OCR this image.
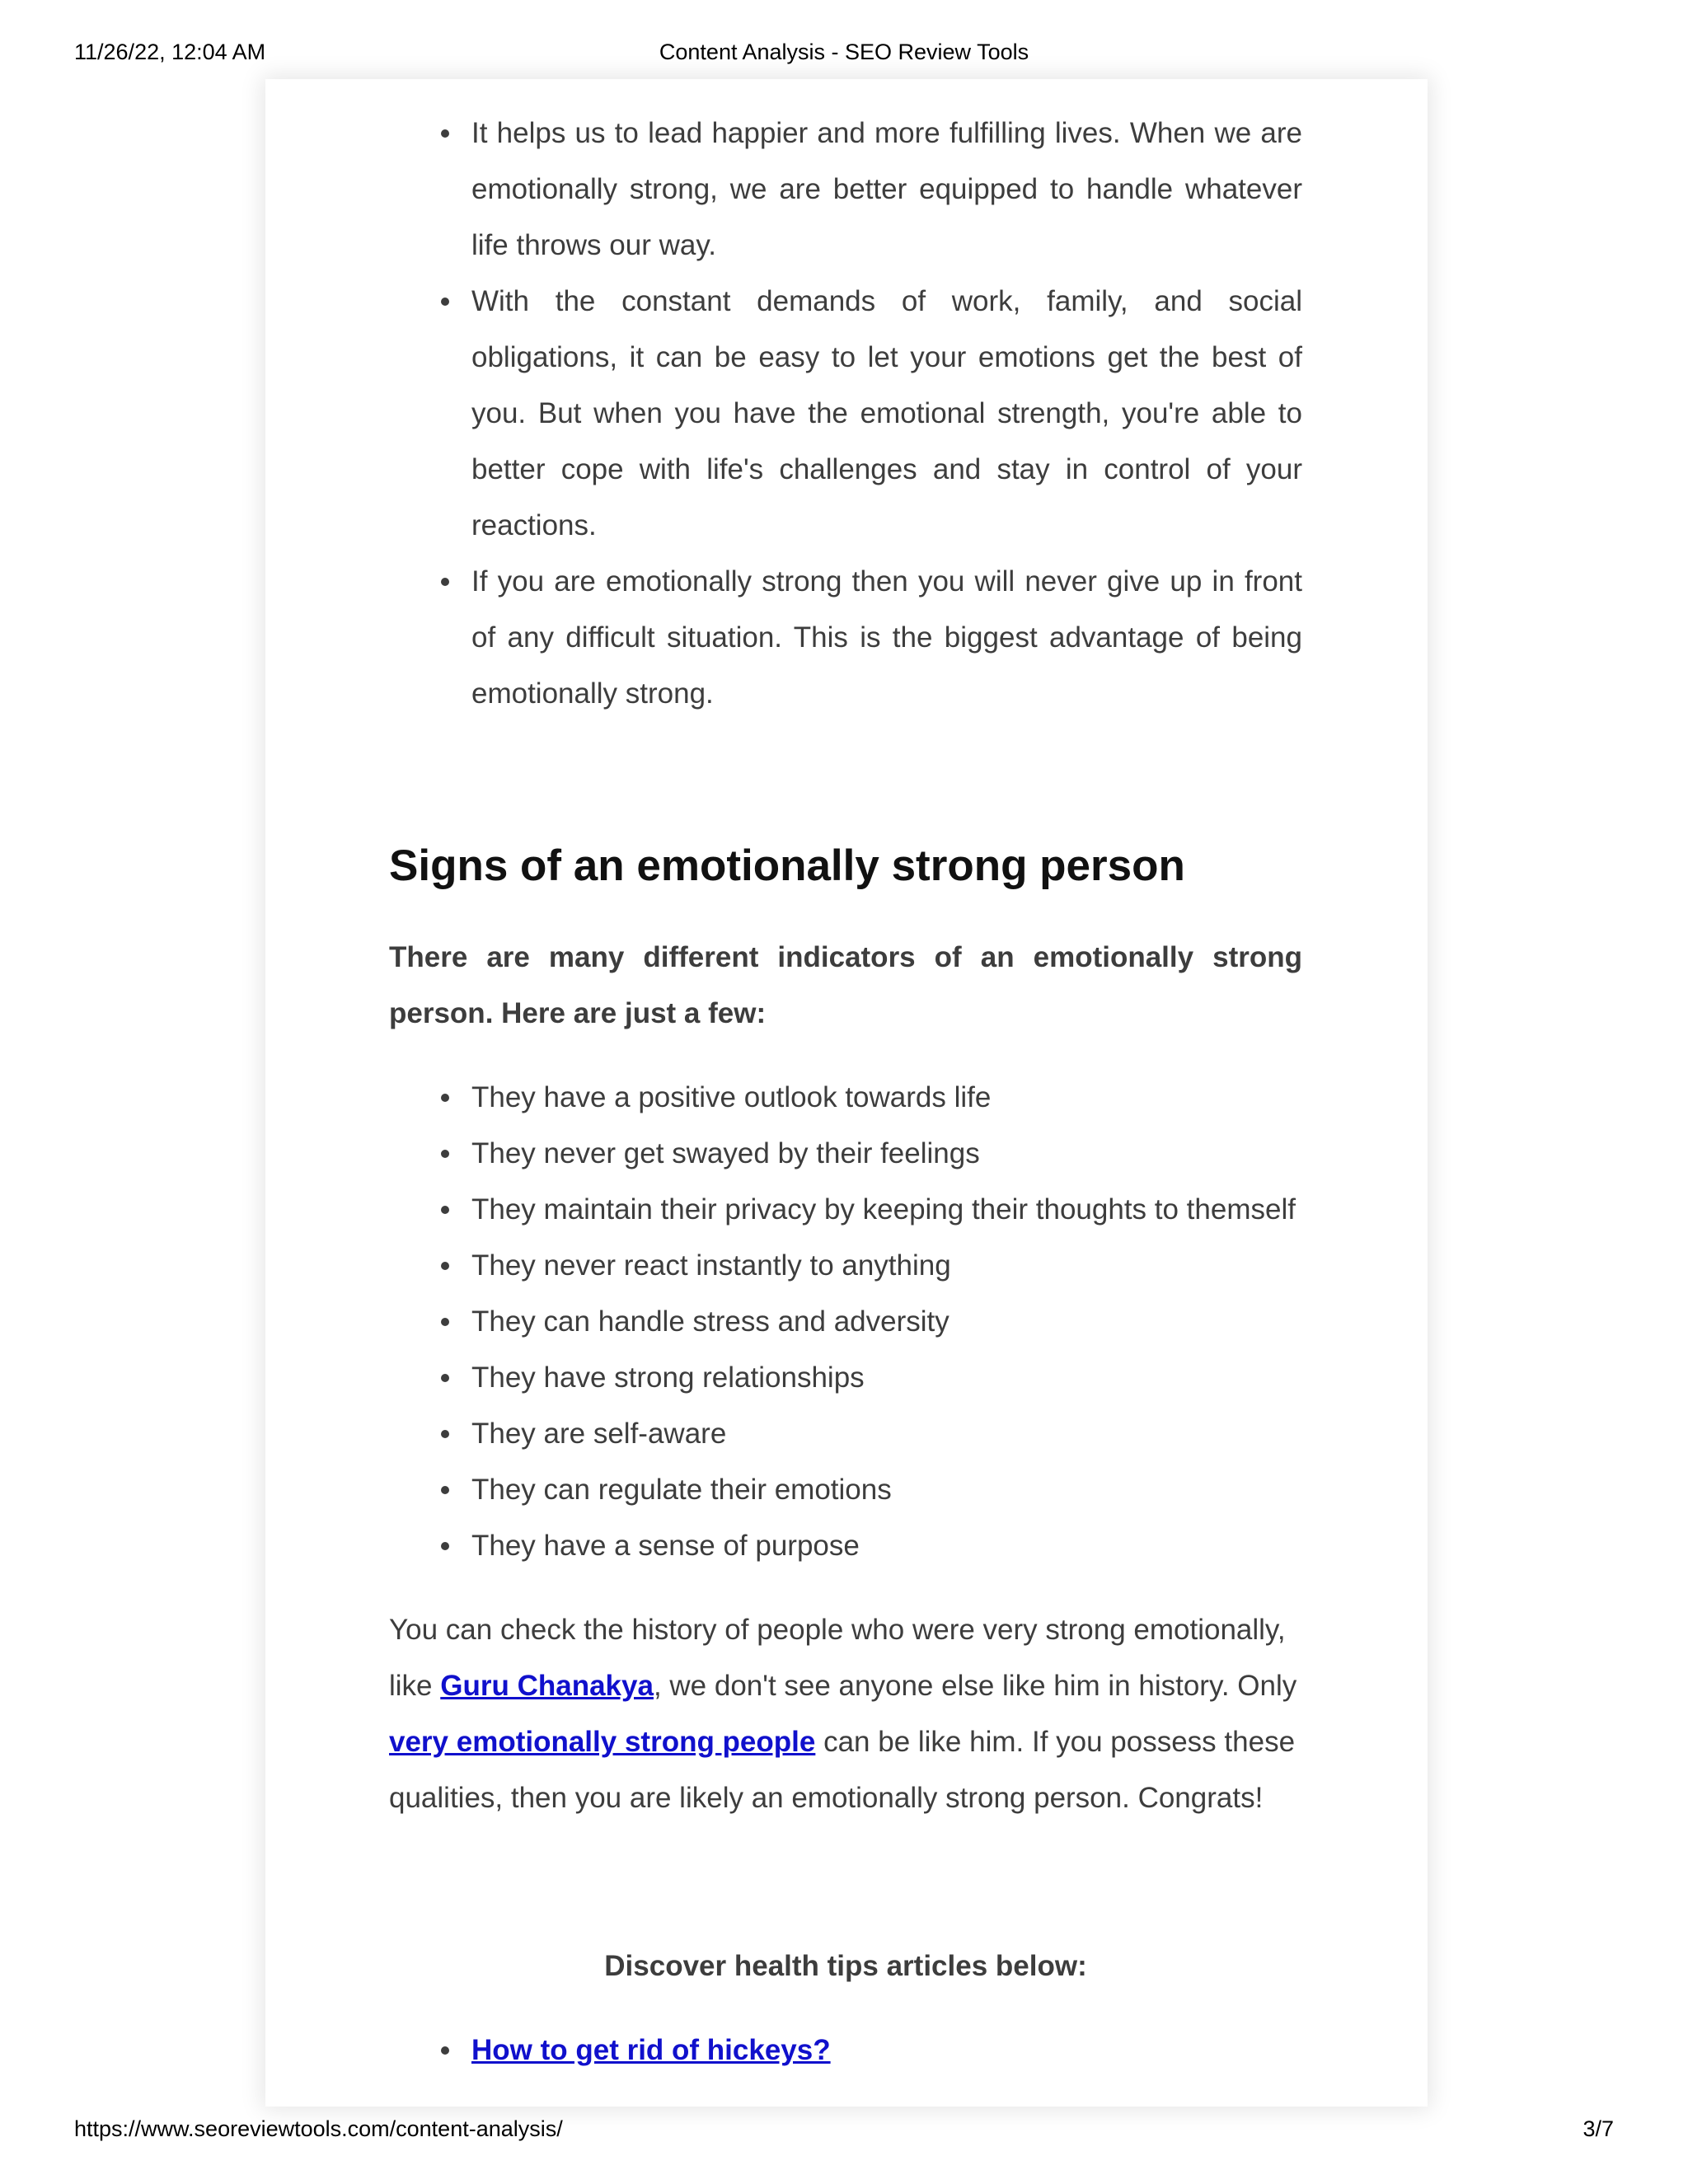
11/26/22, 12:04 AM	Content Analysis - SEO Review Tools
It helps us to lead happier and more fulfilling lives. When we are emotionally strong, we are better equipped to handle whatever life throws our way.
With the constant demands of work, family, and social obligations, it can be easy to let your emotions get the best of you. But when you have the emotional strength, you're able to better cope with life's challenges and stay in control of your reactions.
If you are emotionally strong then you will never give up in front of any difficult situation. This is the biggest advantage of being emotionally strong.
Signs of an emotionally strong person

There are many different indicators of an emotionally strong person. Here are just a few:

They have a positive outlook towards life
They never get swayed by their feelings
They maintain their privacy by keeping their thoughts to themself
They never react instantly to anything
They can handle stress and adversity
They have strong relationships
They are self-aware
They can regulate their emotions
They have a sense of purpose

You can check the history of people who were very strong emotionally, like Guru Chanakya, we don't see anyone else like him in history. Only very emotionally strong people can be like him. If you possess these qualities, then you are likely an emotionally strong person. Congrats!

Discover health tips articles below:

How to get rid of hickeys?
https://www.seoreviewtools.com/content-analysis/	3/7
